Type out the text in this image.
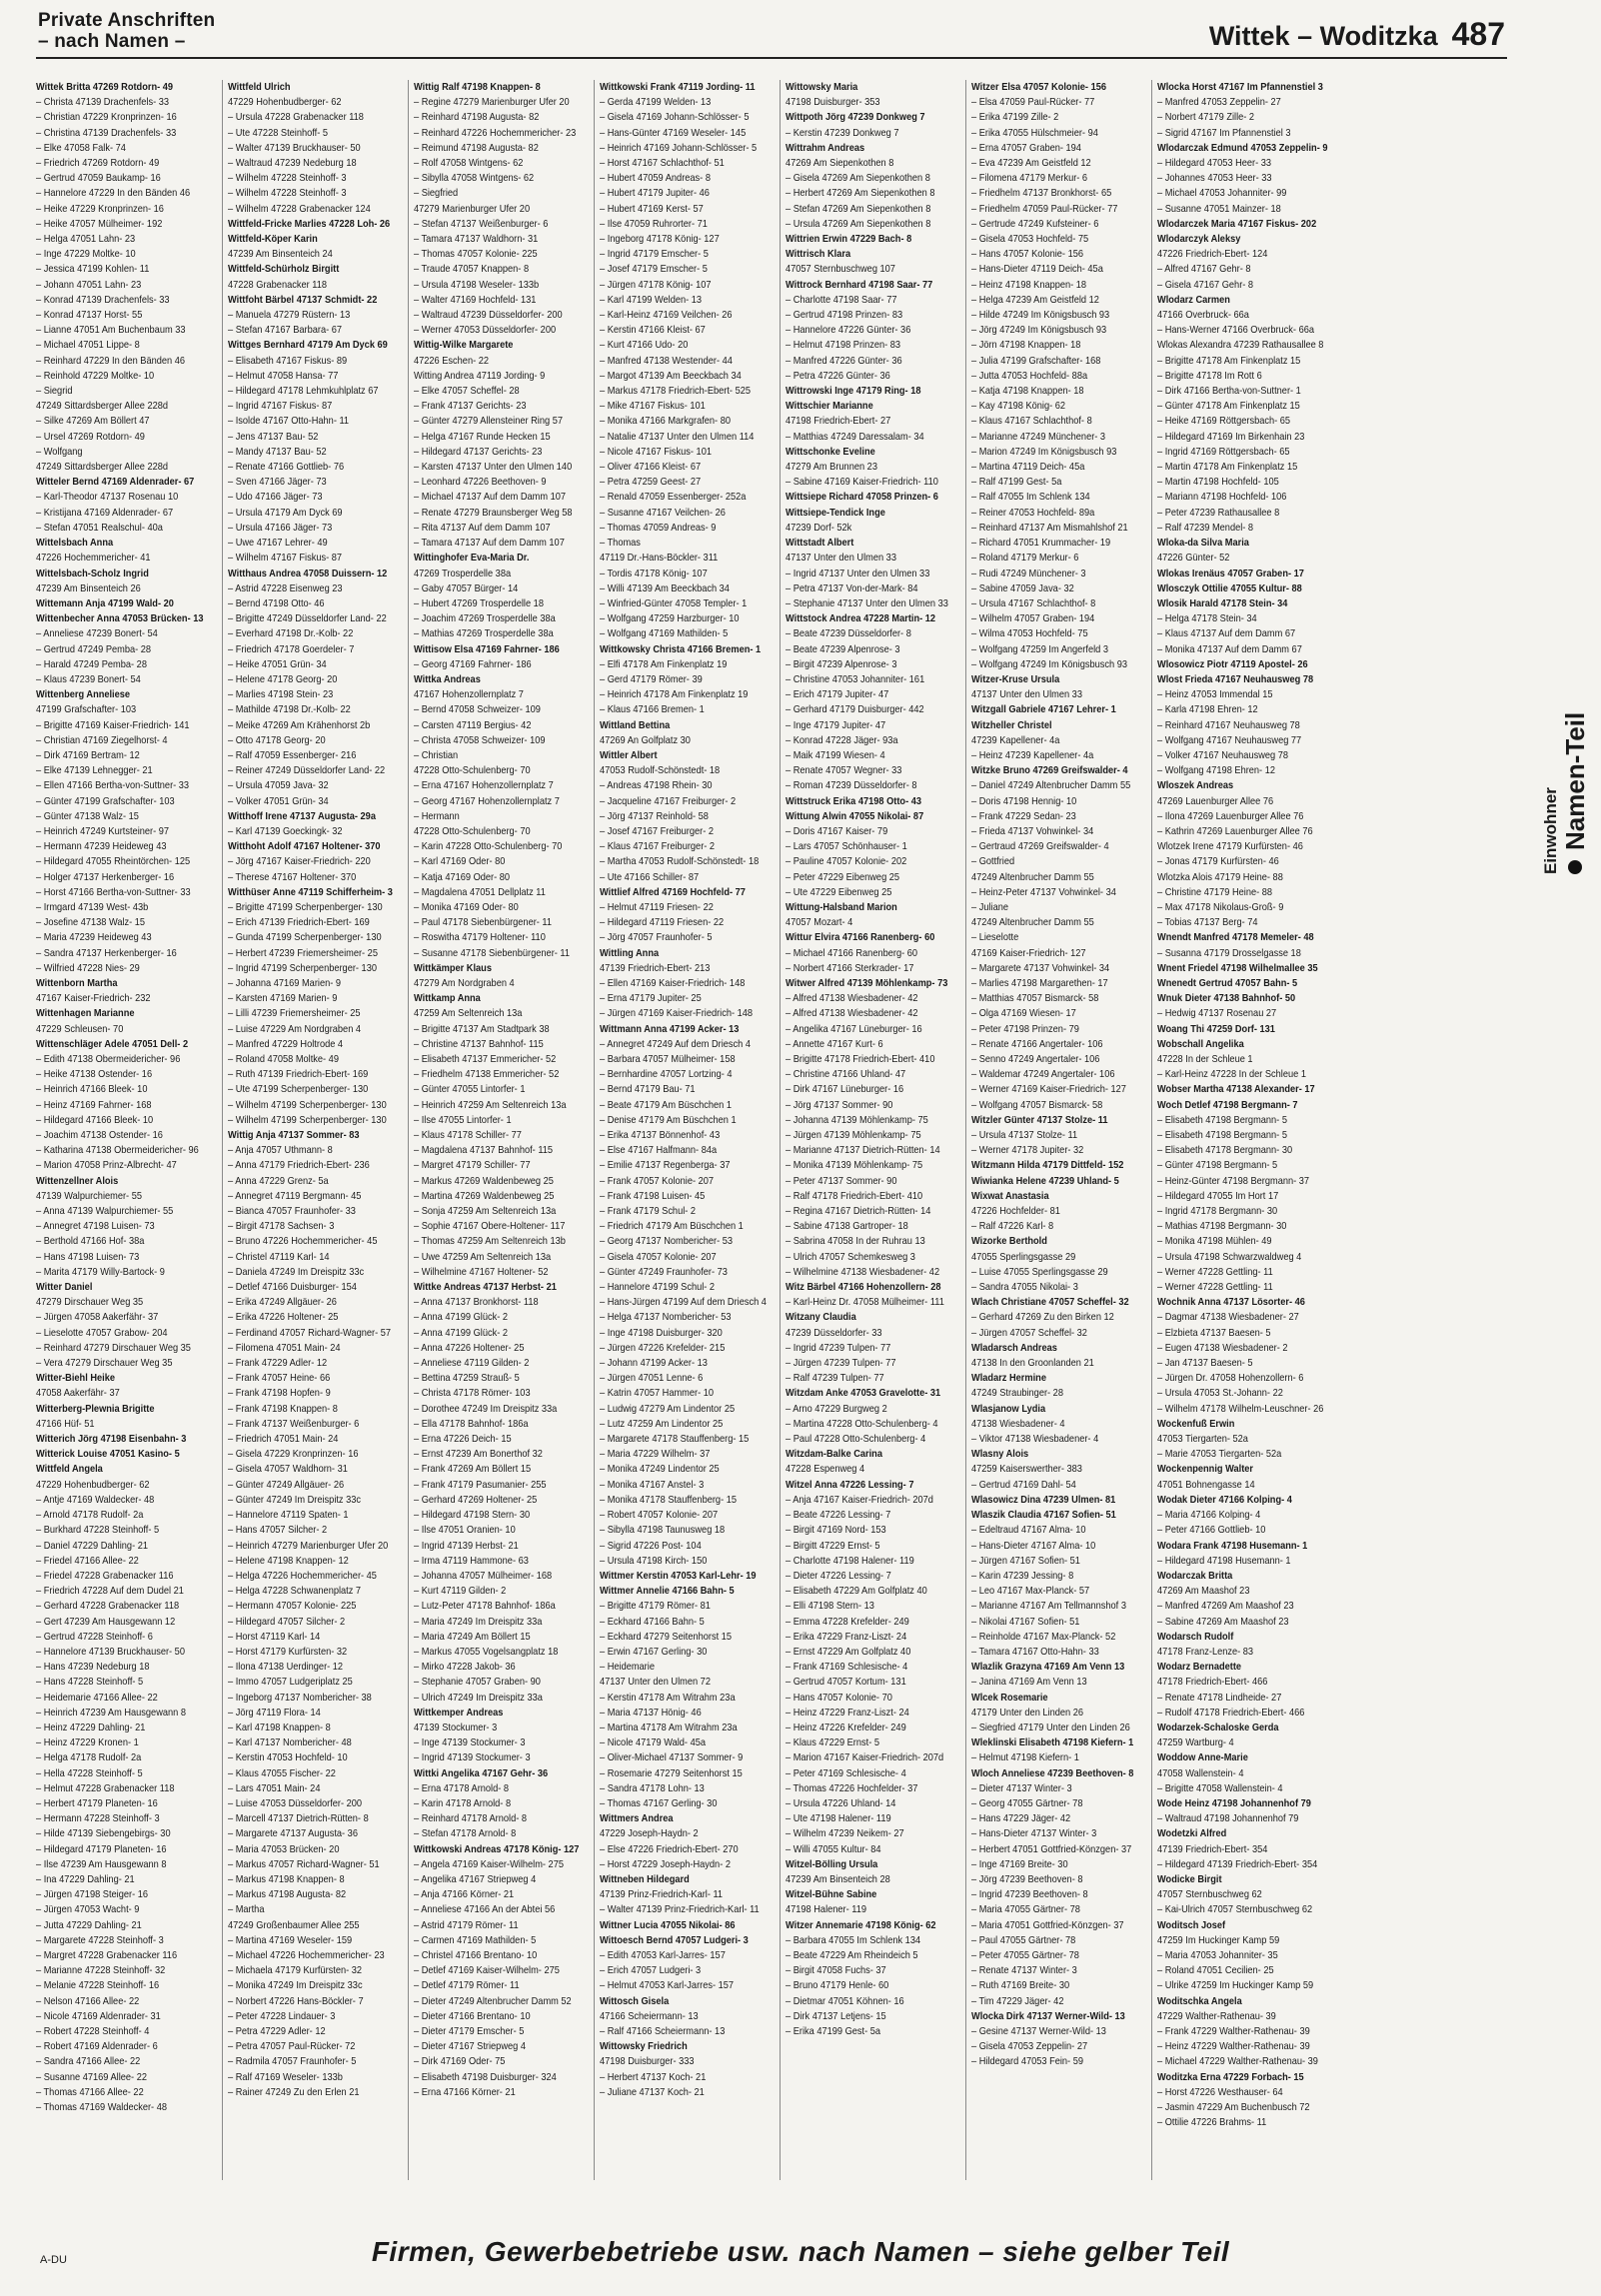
Private Anschriften
– nach Namen –	Wittek – Woditzka 487
Wittek Britta 47269 Rotdorn- 49
– Christa 47139 Drachenfels- 33
– Christian 47229 Kronprinzen- 16
– Christina 47139 Drachenfels- 33
– Elke 47058 Falk- 74
– Friedrich 47269 Rotdorn- 49
– Gertrud 47059 Baukamp- 16
– Hannelore 47229 In den Bänden 46
– Heike 47229 Kronprinzen- 16
– Heike 47057 Mülheimer- 192
– Helga 47051 Lahn- 23
– Inge 47229 Moltke- 10
– Jessica 47199 Kohlen- 11
– Johann 47051 Lahn- 23
– Konrad 47139 Drachenfels- 33
– Konrad 47137 Horst- 55
– Lianne 47051 Am Buchenbaum 33
– Michael 47051 Lippe- 8
– Reinhard 47229 In den Bänden 46
– Reinhold 47229 Moltke- 10
– Siegrid
47249 Sittardsberger Allee 228d
– Silke 47269 Am Böllert 47
– Ursel 47269 Rotdorn- 49
– Wolfgang
47249 Sittardsberger Allee 228d
Witteler Bernd 47169 Aldenrader- 67
– Karl-Theodor 47137 Rosenau 10
– Kristijana 47169 Aldenrader- 67
– Stefan 47051 Realschul- 40a
Wittelsbach Anna
47226 Hochemmericher- 41
Wittelsbach-Scholz Ingrid
47239 Am Binsenteich 26
Wittemann Anja 47199 Wald- 20
Wittenbecher Anna 47053 Brücken- 13
– Anneliese 47239 Bonert- 54
– Gertrud 47249 Pemba- 28
– Harald 47249 Pemba- 28
– Klaus 47239 Bonert- 54
Wittenberg Anneliese
47199 Grafschafter- 103
– Brigitte 47169 Kaiser-Friedrich- 141
– Christian 47169 Ziegelhorst- 4
– Dirk 47169 Bertram- 12
– Elke 47139 Lehnegger- 21
– Ellen 47166 Bertha-von-Suttner- 33
– Günter 47199 Grafschafter- 103
– Günter 47138 Walz- 15
– Heinrich 47249 Kurtsteiner- 97
– Hermann 47239 Heideweg 43
– Hildegard 47055 Rheintörchen- 125
– Holger 47137 Herkenberger- 16
– Horst 47166 Bertha-von-Suttner- 33
– Irmgard 47139 West- 43b
– Josefine 47138 Walz- 15
– Maria 47239 Heideweg 43
– Sandra 47137 Herkenberger- 16
– Wilfried 47228 Nies- 29
Wittenborn Martha
47167 Kaiser-Friedrich- 232
Wittenhagen Marianne
47229 Schleusen- 70
Wittenschläger Adele 47051 Dell- 2
– Edith 47138 Obermeidericher- 96
– Heike 47138 Ostender- 16
– Heinrich 47166 Bleek- 10
– Heinz 47169 Fahrner- 168
– Hildegard 47166 Bleek- 10
– Joachim 47138 Ostender- 16
– Katharina 47138 Obermeidericher- 96
– Marion 47058 Prinz-Albrecht- 47
Wittenzellner Alois
47139 Walpurchiemer- 55
– Anna 47139 Walpurchiemer- 55
– Annegret 47198 Luisen- 73
– Berthold 47166 Hof- 38a
– Hans 47198 Luisen- 73
– Marita 47179 Willy-Bartock- 9
Witter Daniel
47279 Dirschauer Weg 35
– Jürgen 47058 Aakerfähr- 37
– Lieselotte 47057 Grabow- 204
– Reinhard 47279 Dirschauer Weg 35
– Vera 47279 Dirschauer Weg 35
Witter-Biehl Heike
47058 Aakerfähr- 37
Witterberg-Plewnia Brigitte
47166 Hüf- 51
Witterich Jörg 47198 Eisenbahn- 3
Witterick Louise 47051 Kasino- 5
Wittfeld Angela
47229 Hohenbudberger- 62
– Antje 47169 Waldecker- 48
– Arnold 47178 Rudolf- 2a
– Burkhard 47228 Steinhoff- 5
– Daniel 47229 Dahling- 21
– Friedel 47166 Allee- 22
– Friedel 47228 Grabenacker 116
– Friedrich 47228 Auf dem Dudel 21
– Gerhard 47228 Grabenacker 118
– Gert 47239 Am Hausgewann 12
– Gertrud 47228 Steinhoff- 6
– Hannelore 47139 Bruckhauser- 50
– Hans 47239 Nedeburg 18
– Hans 47228 Steinhoff- 5
– Heidemarie 47166 Allee- 22
– Heinrich 47239 Am Hausgewann 8
– Heinz 47229 Dahling- 21
– Heinz 47229 Kronen- 1
– Helga 47178 Rudolf- 2a
– Hella 47228 Steinhoff- 5
– Helmut 47228 Grabenacker 118
– Herbert 47179 Planeten- 16
– Hermann 47228 Steinhoff- 3
– Hilde 47139 Siebengebirgs- 30
– Hildegard 47179 Planeten- 16
– Ilse 47239 Am Hausgewann 8
– Ina 47229 Dahling- 21
– Jürgen 47198 Steiger- 16
– Jürgen 47053 Wacht- 9
– Jutta 47229 Dahling- 21
– Margarete 47228 Steinhoff- 3
– Margret 47228 Grabenacker 116
– Marianne 47228 Steinhoff- 32
– Melanie 47228 Steinhoff- 16
– Nelson 47166 Allee- 22
– Nicole 47169 Aldenrader- 31
– Robert 47228 Steinhoff- 4
– Robert 47169 Aldenrader- 6
– Sandra 47166 Allee- 22
– Susanne 47169 Allee- 22
– Thomas 47166 Allee- 22
– Thomas 47169 Waldecker- 48
Wittfeld Ulrich
47229 Hohenbudberger- 62
– Ursula 47228 Grabenacker 118
– Ute 47228 Steinhoff- 5
– Walter 47139 Bruckhauser- 50
– Waltraud 47239 Nedeburg 18
– Wilhelm 47228 Steinhoff- 3
– Wilhelm 47228 Steinhoff- 3
– Wilhelm 47228 Grabenacker 124
Wittfeld-Fricke Marlies 47228 Loh- 26
Wittfeld-Köper Karin
47239 Am Binsenteich 24
Wittfeld-Schürholz Birgitt
47228 Grabenacker 118
Wittfoht Bärbel 47137 Schmidt- 22
– Manuela 47279 Rüstern- 13
– Stefan 47167 Barbara- 67
Wittges Bernhard 47179 Am Dyck 69
– Elisabeth 47167 Fiskus- 89
– Helmut 47058 Hansa- 77
– Hildegard 47178 Lehmkuhlplatz 67
– Ingrid 47167 Fiskus- 87
– Isolde 47167 Otto-Hahn- 11
– Jens 47137 Bau- 52
– Mandy 47137 Bau- 52
– Renate 47166 Gottlieb- 76
– Sven 47166 Jäger- 73
– Udo 47166 Jäger- 73
– Ursula 47179 Am Dyck 69
– Ursula 47166 Jäger- 73
– Uwe 47167 Lehrer- 49
– Wilhelm 47167 Fiskus- 87
Witthaus Andrea 47058 Duissern- 12
– Astrid 47228 Eisenweg 23
– Bernd 47198 Otto- 46
– Brigitte 47249 Düsseldorfer Land- 22
– Everhard 47198 Dr.-Kolb- 22
– Friedrich 47178 Goerdeler- 7
– Heike 47051 Grün- 34
– Helene 47178 Georg- 20
– Marlies 47198 Stein- 23
– Mathilde 47198 Dr.-Kolb- 22
– Meike 47269 Am Krähenhorst 2b
– Otto 47178 Georg- 20
– Ralf 47059 Essenberger- 216
– Reiner 47249 Düsseldorfer Land- 22
– Ursula 47059 Java- 32
– Volker 47051 Grün- 34
Witthoff Irene 47137 Augusta- 29a
– Karl 47139 Goeckingk- 32
Witthoht Adolf 47167 Holtener- 370
– Jörg 47167 Kaiser-Friedrich- 220
– Therese 47167 Holtener- 370
Witthüser Anne 47119 Schifferheim- 3
– Brigitte 47199 Scherpenberger- 130
– Erich 47139 Friedrich-Ebert- 169
– Gunda 47199 Scherpenberger- 130
– Herbert 47239 Friemersheimer- 25
– Ingrid 47199 Scherpenberger- 130
– Johanna 47169 Marien- 9
– Karsten 47169 Marien- 9
– Lilli 47239 Friemersheimer- 25
– Luise 47229 Am Nordgraben 4
– Manfred 47229 Holtrode 4
– Roland 47058 Moltke- 49
– Ruth 47139 Friedrich-Ebert- 169
– Ute 47199 Scherpenberger- 130
– Wilhelm 47199 Scherpenberger- 130
– Wilhelm 47199 Scherpenberger- 130
Wittig Anja 47137 Sommer- 83
– Anja 47057 Uthmann- 8
– Anna 47179 Friedrich-Ebert- 236
– Anna 47229 Grenz- 5a
– Annegret 47119 Bergmann- 45
– Bianca 47057 Fraunhofer- 33
– Birgit 47178 Sachsen- 3
– Bruno 47226 Hochemmericher- 45
– Christel 47119 Karl- 14
– Daniela 47249 Im Dreispitz 33c
– Detlef 47166 Duisburger- 154
– Erika 47249 Allgäuer- 26
– Erika 47226 Holtener- 25
– Ferdinand 47057 Richard-Wagner- 57
– Filomena 47051 Main- 24
– Frank 47229 Adler- 12
– Frank 47057 Heine- 66
– Frank 47198 Hopfen- 9
– Frank 47198 Knappen- 8
– Frank 47137 Weißenburger- 6
– Friedrich 47051 Main- 24
– Gisela 47229 Kronprinzen- 16
– Gisela 47057 Waldhorn- 31
– Günter 47249 Allgäuer- 26
– Günter 47249 Im Dreispitz 33c
– Hannelore 47119 Spaten- 1
– Hans 47057 Silcher- 2
– Heinrich 47279 Marienburger Ufer 20
– Helene 47198 Knappen- 12
– Helga 47226 Hochemmericher- 45
– Helga 47228 Schwanenplatz 7
– Hermann 47057 Kolonie- 225
– Hildegard 47057 Silcher- 2
– Horst 47119 Karl- 14
– Horst 47179 Kurfürsten- 32
– Ilona 47138 Uerdinger- 12
– Immo 47057 Ludgeriplatz 25
– Ingeborg 47137 Nombericher- 38
– Jörg 47119 Flora- 14
– Karl 47198 Knappen- 8
– Karl 47137 Nombericher- 48
– Kerstin 47053 Hochfeld- 10
– Klaus 47055 Fischer- 22
– Lars 47051 Main- 24
– Luise 47053 Düsseldorfer- 200
– Marcell 47137 Dietrich-Rütten- 8
– Margarete 47137 Augusta- 36
– Maria 47053 Brücken- 20
– Markus 47057 Richard-Wagner- 51
– Markus 47198 Knappen- 8
– Markus 47198 Augusta- 82
– Martha
47249 Großenbaumer Allee 255
– Martina 47169 Weseler- 159
– Michael 47226 Hochemmericher- 23
– Michaela 47179 Kurfürsten- 32
– Monika 47249 Im Dreispitz 33c
– Norbert 47226 Hans-Böckler- 7
– Peter 47228 Lindauer- 3
– Petra 47229 Adler- 12
– Petra 47057 Paul-Rücker- 72
– Radmila 47057 Fraunhofer- 5
– Ralf 47169 Weseler- 133b
– Rainer 47249 Zu den Erlen 21
Wittig Ralf 47198 Knappen- 8
– Regine 47279 Marienburger Ufer 20
– Reinhard 47198 Augusta- 82
– Reinhard 47226 Hochemmericher- 23
– Reimund 47198 Augusta- 82
– Rolf 47058 Wintgens- 62
– Sibylla 47058 Wintgens- 62
– Siegfried
47279 Marienburger Ufer 20
– Stefan 47137 Weißenburger- 6
– Tamara 47137 Waldhorn- 31
– Thomas 47057 Kolonie- 225
– Traude 47057 Knappen- 8
– Ursula 47198 Weseler- 133b
– Walter 47169 Hochfeld- 131
– Waltraud 47239 Düsseldorfer- 200
– Werner 47053 Düsseldorfer- 200
Wittig-Wilke Margarete
47226 Eschen- 22
Witting Andrea 47119 Jording- 9
– Elke 47057 Scheffel- 28
– Frank 47137 Gerichts- 23
– Günter 47279 Allensteiner Ring 57
– Helga 47167 Runde Hecken 15
– Hildegard 47137 Gerichts- 23
– Karsten 47137 Unter den Ulmen 140
– Leonhard 47226 Beethoven- 9
– Michael 47137 Auf dem Damm 107
– Renate 47279 Braunsberger Weg 58
– Rita 47137 Auf dem Damm 107
– Tamara 47137 Auf dem Damm 107
Wittinghofer Eva-Maria Dr.
47269 Trosperdelle 38a
– Gaby 47057 Bürger- 14
– Hubert 47269 Trosperdelle 18
– Joachim 47269 Trosperdelle 38a
– Mathias 47269 Trosperdelle 38a
Wittisow Elsa 47169 Fahrner- 186
– Georg 47169 Fahrner- 186
Wittka Andreas
47167 Hohenzollernplatz 7
– Bernd 47058 Schweizer- 109
– Carsten 47119 Bergius- 42
– Christa 47058 Schweizer- 109
– Christian
47228 Otto-Schulenberg- 70
– Erna 47167 Hohenzollernplatz 7
– Georg 47167 Hohenzollernplatz 7
– Hermann
47228 Otto-Schulenberg- 70
– Karin 47228 Otto-Schulenberg- 70
– Karl 47169 Oder- 80
– Katja 47169 Oder- 80
– Magdalena 47051 Dellplatz 11
– Monika 47169 Oder- 80
– Paul 47178 Siebenbürgener- 11
– Roswitha 47179 Holtener- 110
– Susanne 47178 Siebenbürgener- 11
Wittkämper Klaus
47279 Am Nordgraben 4
Wittkamp Anna
47259 Am Seltenreich 13a
– Brigitte 47137 Am Stadtpark 38
– Christine 47137 Bahnhof- 115
– Elisabeth 47137 Emmericher- 52
– Friedhelm 47138 Emmericher- 52
– Günter 47055 Lintorfer- 1
– Heinrich 47259 Am Seltenreich 13a
– Ilse 47055 Lintorfer- 1
– Klaus 47178 Schiller- 77
– Magdalena 47137 Bahnhof- 115
– Margret 47179 Schiller- 77
– Markus 47269 Waldenbeweg 25
– Martina 47269 Waldenbeweg 25
– Sonja 47259 Am Seltenreich 13a
– Sophie 47167 Obere-Holtener- 117
– Thomas 47259 Am Seltenreich 13b
– Uwe 47259 Am Seltenreich 13a
– Wilhelmine 47167 Holtener- 52
Wittke Andreas 47137 Herbst- 21
– Anna 47137 Bronkhorst- 118
– Anna 47199 Glück- 2
– Anna 47199 Glück- 2
– Anna 47226 Holtener- 25
– Anneliese 47119 Gilden- 2
– Bettina 47259 Strauß- 5
– Christa 47178 Römer- 103
– Dorothee 47249 Im Dreispitz 33a
– Ella 47178 Bahnhof- 186a
– Erna 47226 Deich- 15
– Ernst 47239 Am Bonerthof 32
– Frank 47269 Am Böllert 15
– Frank 47179 Pasumanier- 255
– Gerhard 47269 Holtener- 25
– Hildegard 47198 Stern- 30
– Ilse 47051 Oranien- 10
– Ingrid 47139 Herbst- 21
– Irma 47119 Hammone- 63
– Johanna 47057 Mülheimer- 168
– Kurt 47119 Gilden- 2
– Lutz-Peter 47178 Bahnhof- 186a
– Maria 47249 Im Dreispitz 33a
– Maria 47249 Am Böllert 15
– Markus 47055 Vogelsangplatz 18
– Mirko 47228 Jakob- 36
– Stephanie 47057 Graben- 90
– Ulrich 47249 Im Dreispitz 33a
Wittkemper Andreas
47139 Stockumer- 3
– Inge 47139 Stockumer- 3
– Ingrid 47139 Stockumer- 3
Wittki Angelika 47167 Gehr- 36
– Erna 47178 Arnold- 8
– Karin 47178 Arnold- 8
– Reinhard 47178 Arnold- 8
– Stefan 47178 Arnold- 8
Wittkowski Andreas 47178 König- 127
– Angela 47169 Kaiser-Wilhelm- 275
– Angelika 47167 Striepweg 4
– Anja 47166 Körner- 21
– Anneliese 47166 An der Abtei 56
– Astrid 47179 Römer- 11
– Carmen 47169 Mathilden- 5
– Christel 47166 Brentano- 10
– Detlef 47169 Kaiser-Wilhelm- 275
– Detlef 47179 Römer- 11
– Dieter 47249 Altenbrucher Damm 52
– Dieter 47166 Brentano- 10
– Dieter 47179 Emscher- 5
– Dieter 47167 Striepweg 4
– Dirk 47169 Oder- 75
– Elisabeth 47198 Duisburger- 324
– Erna 47166 Körner- 21
Wittkowski Frank 47119 Jording- 11
– Gerda 47199 Welden- 13
– Gisela 47169 Johann-Schlösser- 5
– Hans-Günter 47169 Weseler- 145
– Heinrich 47169 Johann-Schlösser- 5
– Horst 47167 Schlachthof- 51
– Hubert 47059 Andreas- 8
– Hubert 47179 Jupiter- 46
– Hubert 47169 Kerst- 57
– Ilse 47059 Ruhrorter- 71
– Ingeborg 47178 König- 127
– Ingrid 47179 Emscher- 5
– Josef 47179 Emscher- 5
– Jürgen 47178 König- 107
– Karl 47199 Welden- 13
– Karl-Heinz 47169 Veilchen- 26
– Kerstin 47166 Kleist- 67
– Kurt 47166 Udo- 20
– Manfred 47138 Westender- 44
– Margot 47139 Am Beeckbach 34
– Markus 47178 Friedrich-Ebert- 525
– Mike 47167 Fiskus- 101
– Monika 47166 Markgrafen- 80
– Natalie 47137 Unter den Ulmen 114
– Nicole 47167 Fiskus- 101
– Oliver 47166 Kleist- 67
– Petra 47259 Geest- 27
– Renald 47059 Essenberger- 252a
– Susanne 47167 Veilchen- 26
– Thomas 47059 Andreas- 9
– Thomas
47119 Dr.-Hans-Böckler- 311
– Tordis 47178 König- 107
– Willi 47139 Am Beeckbach 34
– Winfried-Günter 47058 Templer- 1
– Wolfgang 47259 Harzburger- 10
– Wolfgang 47169 Mathilden- 5
Wittkowsky Christa 47166 Bremen- 1
– Elfi 47178 Am Finkenplatz 19
– Gerd 47179 Römer- 39
– Heinrich 47178 Am Finkenplatz 19
– Klaus 47166 Bremen- 1
Wittland Bettina
47269 An Golfplatz 30
Wittler Albert
47053 Rudolf-Schönstedt- 18
– Andreas 47198 Rhein- 30
– Jacqueline 47167 Freiburger- 2
– Jörg 47137 Reinhold- 58
– Josef 47167 Freiburger- 2
– Klaus 47167 Freiburger- 2
– Martha 47053 Rudolf-Schönstedt- 18
– Ute 47166 Schiller- 87
Wittlief Alfred 47169 Hochfeld- 77
– Helmut 47119 Friesen- 22
– Hildegard 47119 Friesen- 22
– Jörg 47057 Fraunhofer- 5
Wittling Anna
47139 Friedrich-Ebert- 213
– Ellen 47169 Kaiser-Friedrich- 148
– Erna 47179 Jupiter- 25
– Jürgen 47169 Kaiser-Friedrich- 148
Wittmann Anna 47199 Acker- 13
– Annegret 47249 Auf dem Driesch 4
– Barbara 47057 Mülheimer- 158
– Bernhardine 47057 Lortzing- 4
– Bernd 47179 Bau- 71
– Beate 47179 Am Büschchen 1
– Denise 47179 Am Büschchen 1
– Erika 47137 Bönnenhof- 43
– Else 47167 Halfmann- 84a
– Emilie 47137 Regenberga- 37
– Frank 47057 Kolonie- 207
– Frank 47198 Luisen- 45
– Frank 47179 Schul- 2
– Friedrich 47179 Am Büschchen 1
– Georg 47137 Nombericher- 53
– Gisela 47057 Kolonie- 207
– Günter 47249 Fraunhofer- 73
– Hannelore 47199 Schul- 2
– Hans-Jürgen 47199 Auf dem Driesch 4
– Helga 47137 Nombericher- 53
– Inge 47198 Duisburger- 320
– Jürgen 47226 Krefelder- 215
– Johann 47199 Acker- 13
– Jürgen 47051 Lenne- 6
– Katrin 47057 Hammer- 10
– Ludwig 47279 Am Lindentor 25
– Lutz 47259 Am Lindentor 25
– Margarete 47178 Stauffenberg- 15
– Maria 47229 Wilhelm- 37
– Monika 47249 Lindentor 25
– Monika 47167 Anstel- 3
– Monika 47178 Stauffenberg- 15
– Robert 47057 Kolonie- 207
– Sibylla 47198 Taunusweg 18
– Sigrid 47226 Post- 104
– Ursula 47198 Kirch- 150
Wittmer Kerstin 47053 Karl-Lehr- 19
Wittmer Annelie 47166 Bahn- 5
– Brigitte 47179 Römer- 81
– Eckhard 47166 Bahn- 5
– Eckhard 47279 Seitenhorst 15
– Erwin 47167 Gerling- 30
– Heidemarie
47137 Unter den Ulmen 72
– Kerstin 47178 Am Witrahm 23a
– Maria 47137 Hönig- 46
– Martina 47178 Am Witrahm 23a
– Nicole 47179 Wald- 45a
– Oliver-Michael 47137 Sommer- 9
– Rosemarie 47279 Seitenhorst 15
– Sandra 47178 Lohn- 13
– Thomas 47167 Gerling- 30
Wittmers Andrea
47229 Joseph-Haydn- 2
– Else 47226 Friedrich-Ebert- 270
– Horst 47229 Joseph-Haydn- 2
Wittneben Hildegard
47139 Prinz-Friedrich-Karl- 11
– Walter 47139 Prinz-Friedrich-Karl- 11
Wittner Lucia 47055 Nikolai- 86
Wittoesch Bernd 47057 Ludgeri- 3
– Edith 47053 Karl-Jarres- 157
– Erich 47057 Ludgeri- 3
– Helmut 47053 Karl-Jarres- 157
Wittosch Gisela
47166 Scheiermann- 13
– Ralf 47166 Scheiermann- 13
Wittowsky Friedrich
47198 Duisburger- 333
– Herbert 47137 Koch- 21
– Juliane 47137 Koch- 21
Wittowsky Maria
47198 Duisburger- 353
Wittpoth Jörg 47239 Donkweg 7
– Kerstin 47239 Donkweg 7
Wittrahm Andreas
47269 Am Siepenkothen 8
– Gisela 47269 Am Siepenkothen 8
– Herbert 47269 Am Siepenkothen 8
– Stefan 47269 Am Siepenkothen 8
– Ursula 47269 Am Siepenkothen 8
Wittrien Erwin 47229 Bach- 8
Wittrisch Klara
47057 Sternbuschweg 107
Wittrock Bernhard 47198 Saar- 77
– Charlotte 47198 Saar- 77
– Gertrud 47198 Prinzen- 83
– Hannelore 47226 Günter- 36
– Helmut 47198 Prinzen- 83
– Manfred 47226 Günter- 36
– Petra 47226 Günter- 36
Wittrowski Inge 47179 Ring- 18
Wittschier Marianne
47198 Friedrich-Ebert- 27
– Matthias 47249 Daressalam- 34
Wittschonke Eveline
47279 Am Brunnen 23
– Sabine 47169 Kaiser-Friedrich- 110
Wittsiepe Richard 47058 Prinzen- 6
Wittsiepe-Tendick Inge
47239 Dorf- 52k
Wittstadt Albert
47137 Unter den Ulmen 33
– Ingrid 47137 Unter den Ulmen 33
– Petra 47137 Von-der-Mark- 84
– Stephanie 47137 Unter den Ulmen 33
Wittstock Andrea 47228 Martin- 12
– Beate 47239 Düsseldorfer- 8
– Beate 47239 Alpenrose- 3
– Birgit 47239 Alpenrose- 3
– Christine 47053 Johanniter- 161
– Erich 47179 Jupiter- 47
– Gerhard 47179 Duisburger- 442
– Inge 47179 Jupiter- 47
– Konrad 47228 Jäger- 93a
– Maik 47199 Wiesen- 4
– Renate 47057 Wegner- 33
– Roman 47239 Düsseldorfer- 8
Wittstruck Erika 47198 Otto- 43
Wittung Alwin 47055 Nikolai- 87
– Doris 47167 Kaiser- 79
– Lars 47057 Schönhauser- 1
– Pauline 47057 Kolonie- 202
– Peter 47229 Eibenweg 25
– Ute 47229 Eibenweg 25
Wittung-Halsband Marion
47057 Mozart- 4
Wittur Elvira 47166 Ranenberg- 60
– Michael 47166 Ranenberg- 60
– Norbert 47166 Sterkrader- 17
Witwer Alfred 47139 Möhlenkamp- 73
– Alfred 47138 Wiesbadener- 42
– Alfred 47138 Wiesbadener- 42
– Angelika 47167 Lüneburger- 16
– Annette 47167 Kurt- 6
– Brigitte 47178 Friedrich-Ebert- 410
– Christine 47166 Uhland- 47
– Dirk 47167 Lüneburger- 16
– Jörg 47137 Sommer- 90
– Johanna 47139 Möhlenkamp- 75
– Jürgen 47139 Möhlenkamp- 75
– Marianne 47137 Dietrich-Rütten- 14
– Monika 47139 Möhlenkamp- 75
– Peter 47137 Sommer- 90
– Ralf 47178 Friedrich-Ebert- 410
– Regina 47167 Dietrich-Rütten- 14
– Sabine 47138 Gartroper- 18
– Sabrina 47058 In der Ruhrau 13
– Ulrich 47057 Schemkesweg 3
– Wilhelmine 47138 Wiesbadener- 42
Witz Bärbel 47166 Hohenzollern- 28
– Karl-Heinz Dr. 47058 Mülheimer- 111
Witzany Claudia
47239 Düsseldorfer- 33
– Ingrid 47239 Tulpen- 77
– Jürgen 47239 Tulpen- 77
– Ralf 47239 Tulpen- 77
Witzdam Anke 47053 Gravelotte- 31
– Arno 47229 Burgweg 2
– Martina 47228 Otto-Schulenberg- 4
– Paul 47228 Otto-Schulenberg- 4
Witzdam-Balke Carina
47228 Espenweg 4
Witzel Anna 47226 Lessing- 7
– Anja 47167 Kaiser-Friedrich- 207d
– Beate 47226 Lessing- 7
– Birgit 47169 Nord- 153
– Birgitt 47229 Ernst- 5
– Charlotte 47198 Halener- 119
– Dieter 47226 Lessing- 7
– Elisabeth 47229 Am Golfplatz 40
– Elli 47198 Stern- 13
– Emma 47228 Krefelder- 249
– Erika 47229 Franz-Liszt- 24
– Ernst 47229 Am Golfplatz 40
– Frank 47169 Schlesische- 4
– Gertrud 47057 Kortum- 131
– Hans 47057 Kolonie- 70
– Heinz 47229 Franz-Liszt- 24
– Heinz 47226 Krefelder- 249
– Klaus 47229 Ernst- 5
– Marion 47167 Kaiser-Friedrich- 207d
– Peter 47169 Schlesische- 4
– Thomas 47226 Hochfelder- 37
– Ursula 47226 Uhland- 14
– Ute 47198 Halener- 119
– Wilhelm 47239 Neikem- 27
– Willi 47055 Kultur- 84
Witzel-Bölling Ursula
47239 Am Binsenteich 28
Witzel-Bühne Sabine
47198 Halener- 119
Witzer Annemarie 47198 König- 62
– Barbara 47055 Im Schlenk 134
– Beate 47229 Am Rheindeich 5
– Birgit 47058 Fuchs- 37
– Bruno 47179 Henle- 60
– Dietmar 47051 Köhnen- 16
– Dirk 47137 Letjens- 15
– Erika 47199 Gest- 5a
Witzer Elsa 47057 Kolonie- 156
– Elsa 47059 Paul-Rücker- 77
– Erika 47199 Zille- 2
– Erika 47055 Hülschmeier- 94
– Erna 47057 Graben- 194
– Eva 47239 Am Geistfeld 12
– Filomena 47179 Merkur- 6
– Friedhelm 47137 Bronkhorst- 65
– Friedhelm 47059 Paul-Rücker- 77
– Gertrude 47249 Kufsteiner- 6
– Gisela 47053 Hochfeld- 75
– Hans 47057 Kolonie- 156
– Hans-Dieter 47119 Deich- 45a
– Heinz 47198 Knappen- 18
– Helga 47239 Am Geistfeld 12
– Hilde 47249 Im Königsbusch 93
– Jörg 47249 Im Königsbusch 93
– Jörn 47198 Knappen- 18
– Julia 47199 Grafschafter- 168
– Jutta 47053 Hochfeld- 88a
– Katja 47198 Knappen- 18
– Kay 47198 König- 62
– Klaus 47167 Schlachthof- 8
– Marianne 47249 Münchener- 3
– Marion 47249 Im Königsbusch 93
– Martina 47119 Deich- 45a
– Ralf 47199 Gest- 5a
– Ralf 47055 Im Schlenk 134
– Reiner 47053 Hochfeld- 89a
– Reinhard 47137 Am Mismahlshof 21
– Richard 47051 Krummacher- 19
– Roland 47179 Merkur- 6
– Rudi 47249 Münchener- 3
– Sabine 47059 Java- 32
– Ursula 47167 Schlachthof- 8
– Wilhelm 47057 Graben- 194
– Wilma 47053 Hochfeld- 75
– Wolfgang 47259 Im Angerfeld 3
– Wolfgang 47249 Im Königsbusch 93
Witzer-Kruse Ursula
47137 Unter den Ulmen 33
Witzgall Gabriele 47167 Lehrer- 1
Witzheller Christel
47239 Kapellener- 4a
– Heinz 47239 Kapellener- 4a
Witzke Bruno 47269 Greifswalder- 4
– Daniel 47249 Altenbrucher Damm 55
– Doris 47198 Hennig- 10
– Frank 47229 Sedan- 23
– Frieda 47137 Vohwinkel- 34
– Gertraud 47269 Greifswalder- 4
– Gottfried
47249 Altenbrucher Damm 55
– Heinz-Peter 47137 Vohwinkel- 34
– Juliane
47249 Altenbrucher Damm 55
– Lieselotte
47169 Kaiser-Friedrich- 127
– Margarete 47137 Vohwinkel- 34
– Marlies 47198 Margarethen- 17
– Matthias 47057 Bismarck- 58
– Olga 47169 Wiesen- 17
– Peter 47198 Prinzen- 79
– Renate 47166 Angertaler- 106
– Senno 47249 Angertaler- 106
– Waldemar 47249 Angertaler- 106
– Werner 47169 Kaiser-Friedrich- 127
– Wolfgang 47057 Bismarck- 58
Witzler Günter 47137 Stolze- 11
– Ursula 47137 Stolze- 11
– Werner 47178 Jupiter- 32
Witzmann Hilda 47179 Dittfeld- 152
Wiwianka Helene 47239 Uhland- 5
Wixwat Anastasia
47226 Hochfelder- 81
– Ralf 47226 Karl- 8
Wizorke Berthold
47055 Sperlingsgasse 29
– Luise 47055 Sperlingsgasse 29
– Sandra 47055 Nikolai- 3
Wlach Christiane 47057 Scheffel- 32
– Gerhard 47269 Zu den Birken 12
– Jürgen 47057 Scheffel- 32
Wladarsch Andreas
47138 In den Groonlanden 21
Wladarz Hermine
47249 Straubinger- 28
Wlasjanow Lydia
47138 Wiesbadener- 4
– Viktor 47138 Wiesbadener- 4
Wlasny Alois
47259 Kaiserswerther- 383
– Gertrud 47169 Dahl- 54
Wlasowicz Dina 47239 Ulmen- 81
Wlaszik Claudia 47167 Sofien- 51
– Edeltraud 47167 Alma- 10
– Hans-Dieter 47167 Alma- 10
– Jürgen 47167 Sofien- 51
– Karin 47239 Jessing- 8
– Leo 47167 Max-Planck- 57
– Marianne 47167 Am Tellmannshof 3
– Nikolai 47167 Sofien- 51
– Reinholde 47167 Max-Planck- 52
– Tamara 47167 Otto-Hahn- 33
Wlazlik Grazyna 47169 Am Venn 13
– Janina 47169 Am Venn 13
Wlcek Rosemarie
47179 Unter den Linden 26
– Siegfried 47179 Unter den Linden 26
Wleklinski Elisabeth 47198 Kiefern- 1
– Helmut 47198 Kiefern- 1
Wloch Anneliese 47239 Beethoven- 8
– Dieter 47137 Winter- 3
– Georg 47055 Gärtner- 78
– Hans 47229 Jäger- 42
– Hans-Dieter 47137 Winter- 3
– Herbert 47051 Gottfried-Könzgen- 37
– Inge 47169 Breite- 30
– Jörg 47239 Beethoven- 8
– Ingrid 47239 Beethoven- 8
– Maria 47055 Gärtner- 78
– Maria 47051 Gottfried-Könzgen- 37
– Paul 47055 Gärtner- 78
– Peter 47055 Gärtner- 78
– Renate 47137 Winter- 3
– Ruth 47169 Breite- 30
– Tim 47229 Jäger- 42
Wlocka Dirk 47137 Werner-Wild- 13
– Gesine 47137 Werner-Wild- 13
– Gisela 47053 Zeppelin- 27
– Hildegard 47053 Fein- 59
Wlocka Horst 47167 Im Pfannenstiel 3
– Manfred 47053 Zeppelin- 27
– Norbert 47179 Zille- 2
– Sigrid 47167 Im Pfannenstiel 3
Wlodarczak Edmund 47053 Zeppelin- 9
– Hildegard 47053 Heer- 33
– Johannes 47053 Heer- 33
– Michael 47053 Johanniter- 99
– Susanne 47051 Mainzer- 18
Wlodarczek Maria 47167 Fiskus- 202
Wlodarczyk Aleksy
47226 Friedrich-Ebert- 124
– Alfred 47167 Gehr- 8
– Gisela 47167 Gehr- 8
Wlodarz Carmen
47166 Overbruck- 66a
– Hans-Werner 47166 Overbruck- 66a
Wlokas Alexandra 47239 Rathausallee 8
– Brigitte 47178 Am Finkenplatz 15
– Brigitte 47178 Im Rott 6
– Dirk 47166 Bertha-von-Suttner- 1
– Günter 47178 Am Finkenplatz 15
– Heike 47169 Röttgersbach- 65
– Hildegard 47169 Im Birkenhain 23
– Ingrid 47169 Röttgersbach- 65
– Martin 47178 Am Finkenplatz 15
– Martin 47198 Hochfeld- 105
– Mariann 47198 Hochfeld- 106
– Peter 47239 Rathausallee 8
– Ralf 47239 Mendel- 8
Wloka-da Silva Maria
47226 Günter- 52
Wlokas Irenäus 47057 Graben- 17
Wlosczyk Ottilie 47055 Kultur- 88
Wlosik Harald 47178 Stein- 34
– Helga 47178 Stein- 34
– Klaus 47137 Auf dem Damm 67
– Monika 47137 Auf dem Damm 67
Wlosowicz Piotr 47119 Apostel- 26
Wlost Frieda 47167 Neuhausweg 78
– Heinz 47053 Immendal 15
– Karla 47198 Ehren- 12
– Reinhard 47167 Neuhausweg 78
– Wolfgang 47167 Neuhausweg 77
– Volker 47167 Neuhausweg 78
– Wolfgang 47198 Ehren- 12
Wloszek Andreas
47269 Lauenburger Allee 76
– Ilona 47269 Lauenburger Allee 76
– Kathrin 47269 Lauenburger Allee 76
Wlotzek Irene 47179 Kurfürsten- 46
– Jonas 47179 Kurfürsten- 46
Wlotzka Alois 47179 Heine- 88
– Christine 47179 Heine- 88
– Max 47178 Nikolaus-Groß- 9
– Tobias 47137 Berg- 74
Wnendt Manfred 47178 Memeler- 48
– Susanna 47179 Drosselgasse 18
Wnent Friedel 47198 Wilhelmallee 35
Wnenedt Gertrud 47057 Bahn- 5
Wnuk Dieter 47138 Bahnhof- 50
– Hedwig 47137 Rosenau 27
Woang Thi 47259 Dorf- 131
Wobschall Angelika
47228 In der Schleue 1
– Karl-Heinz 47228 In der Schleue 1
Wobser Martha 47138 Alexander- 17
Woch Detlef 47198 Bergmann- 7
– Elisabeth 47198 Bergmann- 5
– Elisabeth 47198 Bergmann- 5
– Elisabeth 47178 Bergmann- 30
– Günter 47198 Bergmann- 5
– Heinz-Günter 47198 Bergmann- 37
– Hildegard 47055 Im Hort 17
– Ingrid 47178 Bergmann- 30
– Mathias 47198 Bergmann- 30
– Monika 47198 Mühlen- 49
– Ursula 47198 Schwarzwaldweg 4
– Werner 47228 Gettling- 11
– Werner 47228 Gettling- 11
Wochnik Anna 47137 Lösorter- 46
– Dagmar 47138 Wiesbadener- 27
– Elzbieta 47137 Baesen- 5
– Eugen 47138 Wiesbadener- 2
– Jan 47137 Baesen- 5
– Jürgen Dr. 47058 Hohenzollern- 6
– Ursula 47053 St.-Johann- 22
– Wilhelm 47178 Wilhelm-Leuschner- 26
Wockenfuß Erwin
47053 Tiergarten- 52a
– Marie 47053 Tiergarten- 52a
Wockenpennig Walter
47051 Bohnengasse 14
Wodak Dieter 47166 Kolping- 4
– Maria 47166 Kolping- 4
– Peter 47166 Gottlieb- 10
Wodara Frank 47198 Husemann- 1
– Hildegard 47198 Husemann- 1
Wodarczak Britta
47269 Am Maashof 23
– Manfred 47269 Am Maashof 23
– Sabine 47269 Am Maashof 23
Wodarsch Rudolf
47178 Franz-Lenze- 83
Wodarz Bernadette
47178 Friedrich-Ebert- 466
– Renate 47178 Lindheide- 27
– Rudolf 47178 Friedrich-Ebert- 466
Wodarzek-Schaloske Gerda
47259 Wartburg- 4
Woddow Anne-Marie
47058 Wallenstein- 4
– Brigitte 47058 Wallenstein- 4
Wode Heinz 47198 Johannenhof 79
– Waltraud 47198 Johannenhof 79
Wodetzki Alfred
47139 Friedrich-Ebert- 354
– Hildegard 47139 Friedrich-Ebert- 354
Wodicke Birgit
47057 Sternbuschweg 62
– Kai-Ulrich 47057 Sternbuschweg 62
Woditsch Josef
47259 Im Huckinger Kamp 59
– Maria 47053 Johanniter- 35
– Roland 47051 Cecilien- 25
– Ulrike 47259 Im Huckinger Kamp 59
Woditschka Angela
47229 Walther-Rathenau- 39
– Frank 47229 Walther-Rathenau- 39
– Heinz 47229 Walther-Rathenau- 39
– Michael 47229 Walther-Rathenau- 39
Woditzka Erna 47229 Forbach- 15
– Horst 47226 Westhauser- 64
– Jasmin 47229 Am Buchenbusch 72
– Ottilie 47226 Brahms- 11
Einwohner Namen-Teil
Firmen, Gewerbebetriebe usw. nach Namen – siehe gelber Teil
A-DU
